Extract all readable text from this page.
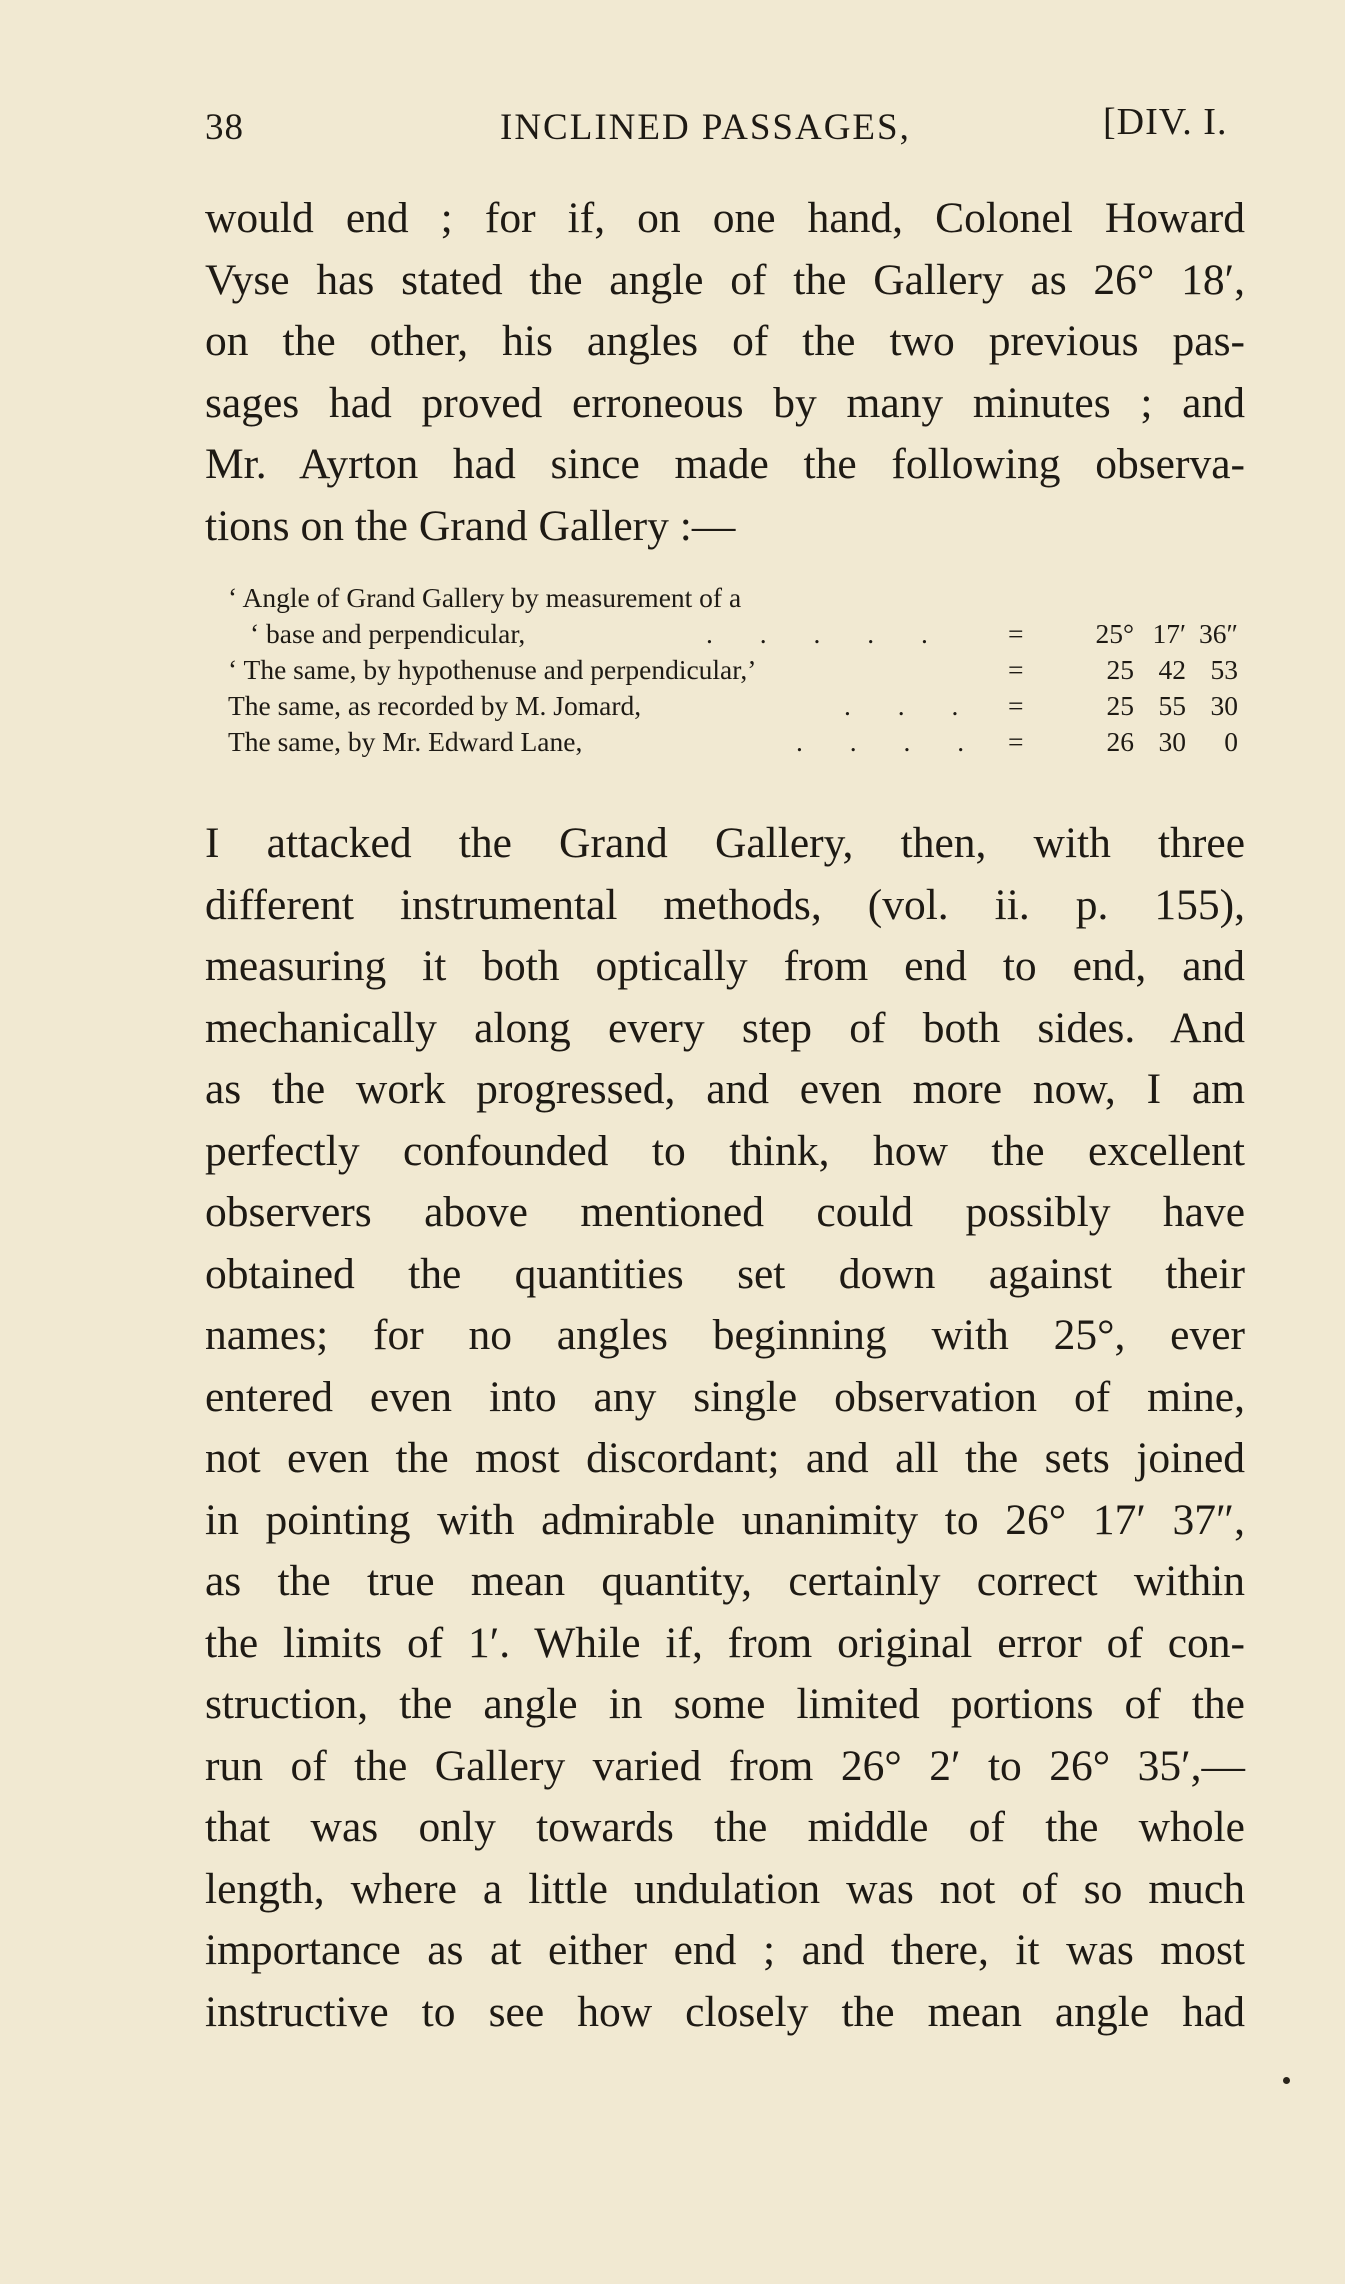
38	INCLINED PASSAGES,	[DIV. I.
would end ; for if, on one hand, Colonel Howard
Vyse has stated the angle of the Gallery as 26° 18′,
on the other, his angles of the two previous pas-
sages had proved erroneous by many minutes ; and
Mr. Ayrton had since made the following observa-
tions on the Grand Gallery :—
‘ Angle of Grand Gallery by measurement of a
‘ base and perpendicular,	. . . . . =	25° 17′ 36″
‘ The same, by hypothenuse and perpendicular,’	=	25 42 53
The same, as recorded by M. Jomard,	. . . =	25 55 30
The same, by Mr. Edward Lane,	. . . . =	26 30	0
I attacked the Grand Gallery, then, with three
different instrumental methods, (vol. ii. p. 155),
measuring it both optically from end to end, and
mechanically along every step of both sides. And
as the work progressed, and even more now, I am
perfectly confounded to think, how the excellent
observers above mentioned could possibly have
obtained the quantities set down against their
names; for no angles beginning with 25°, ever
entered even into any single observation of mine,
not even the most discordant; and all the sets joined
in pointing with admirable unanimity to 26° 17′ 37″,
as the true mean quantity, certainly correct within
the limits of 1′. While if, from original error of con-
struction, the angle in some limited portions of the
run of the Gallery varied from 26° 2′ to 26° 35′,—
that was only towards the middle of the whole
length, where a little undulation was not of so much
importance as at either end ; and there, it was most
instructive to see how closely the mean angle had
